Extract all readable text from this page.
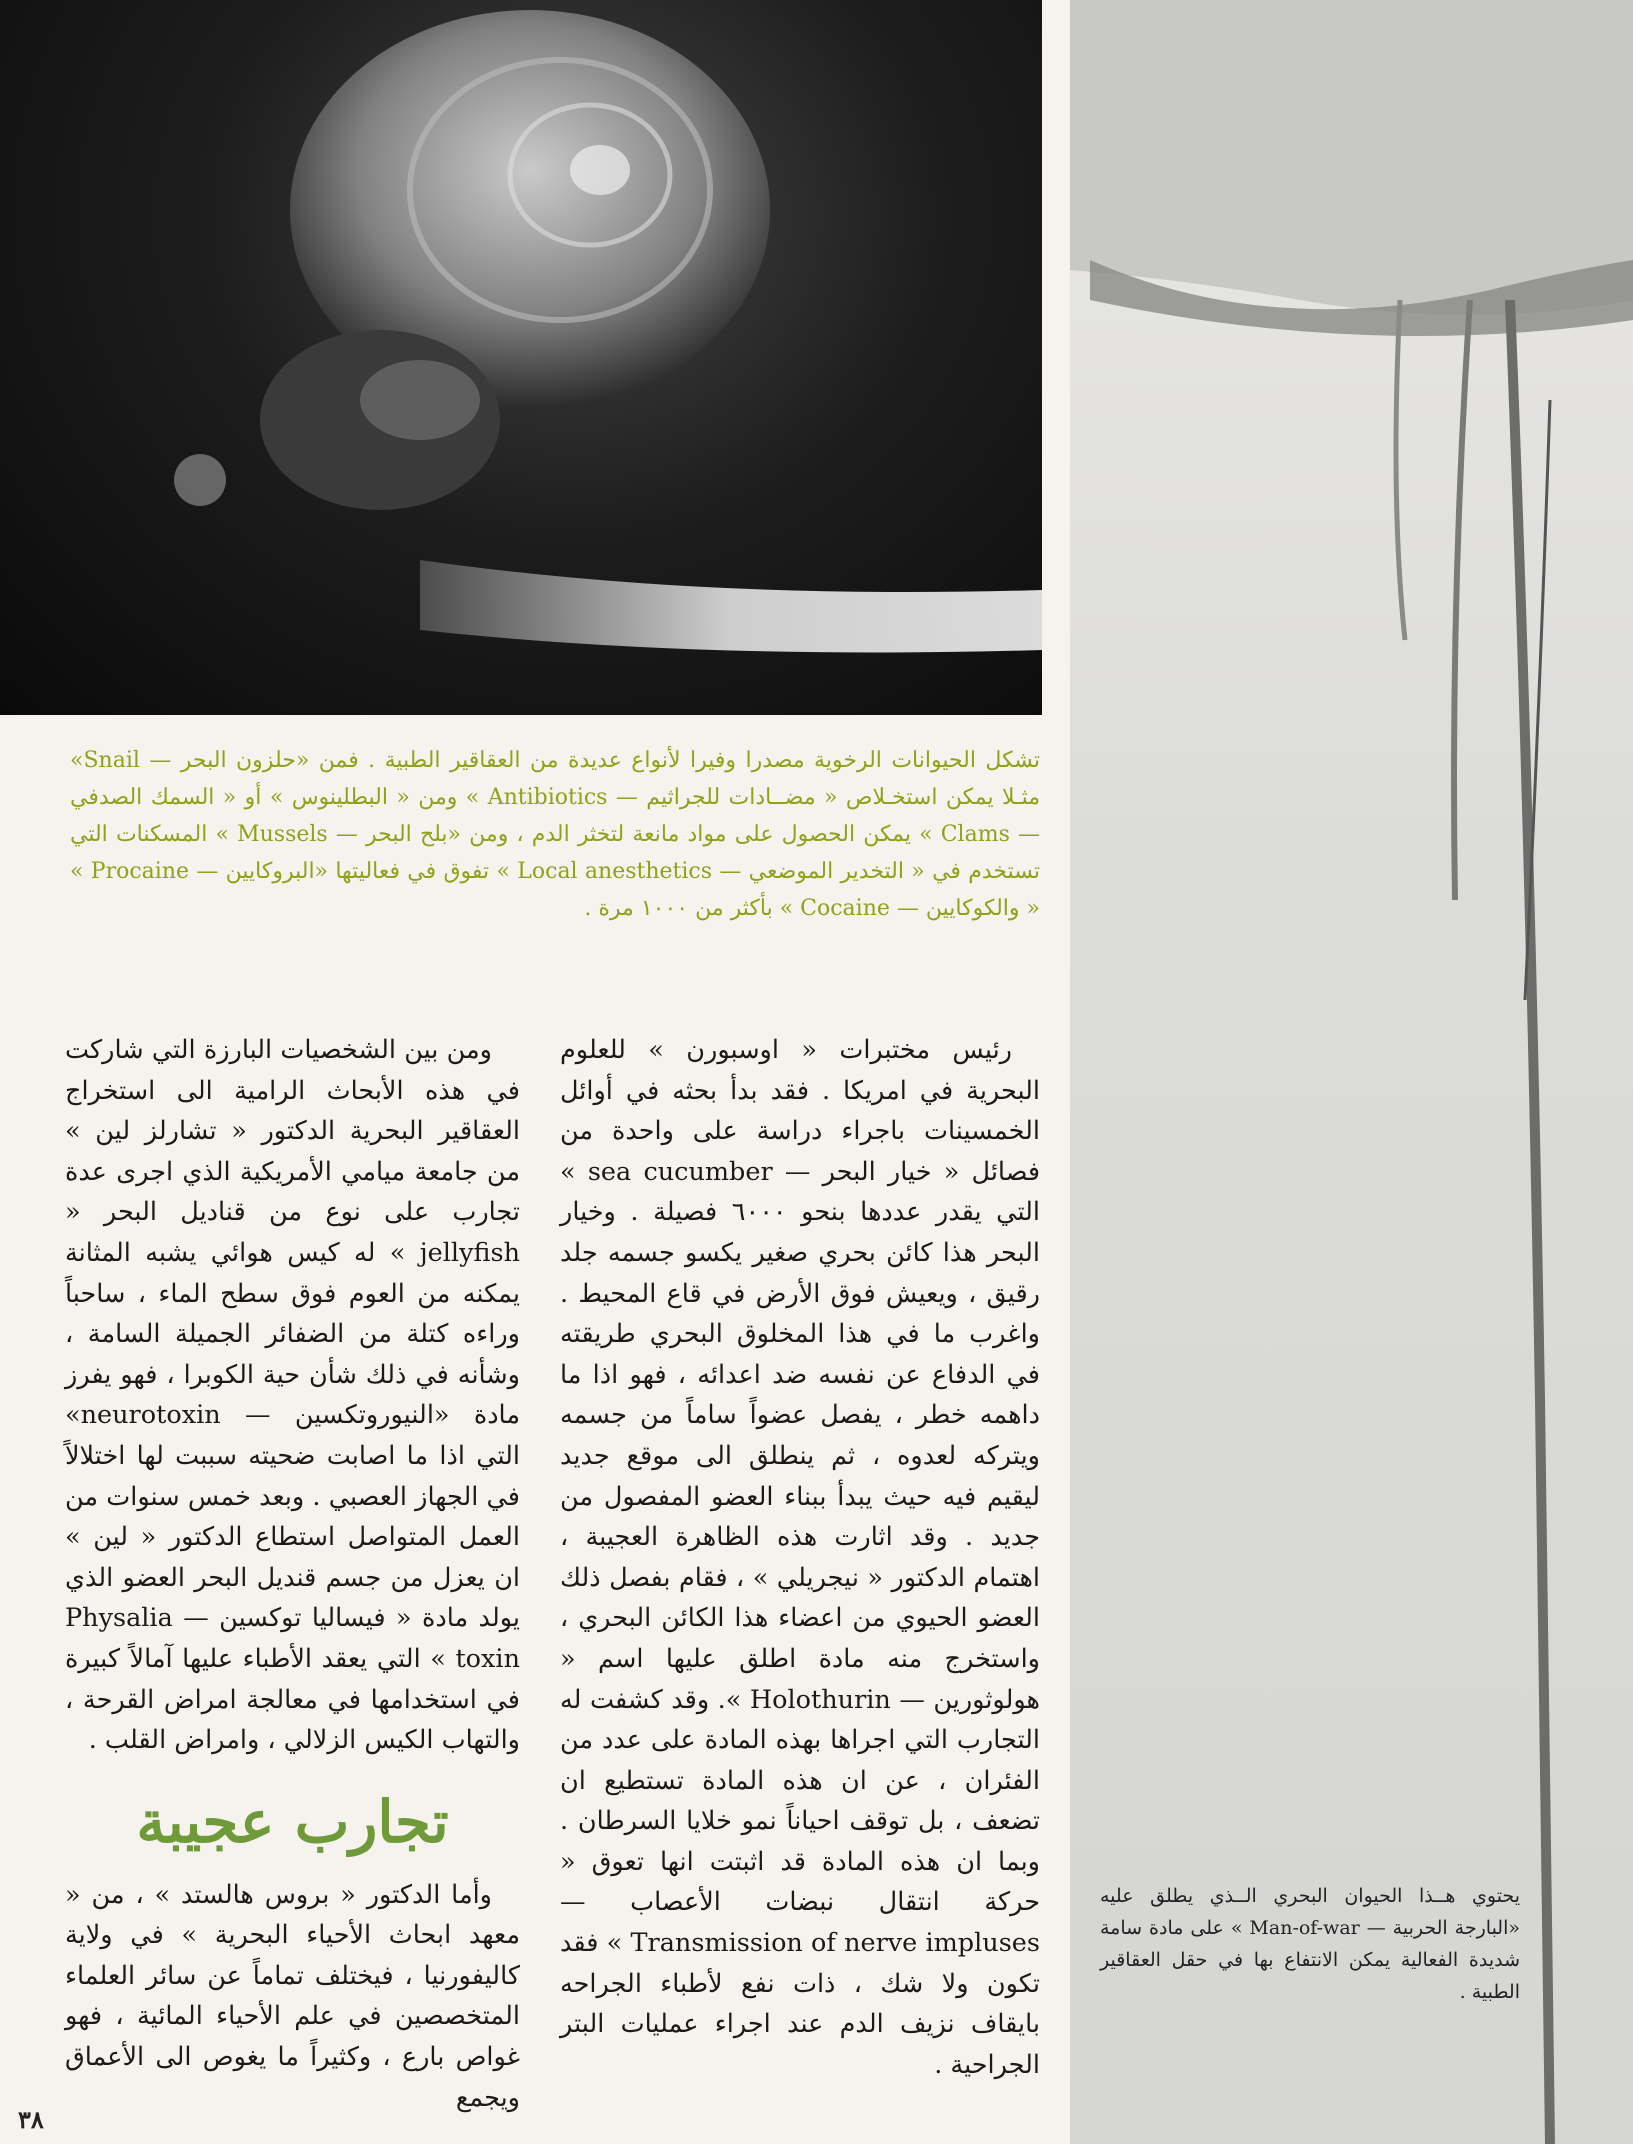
تشكل الحيوانات الرخوية مصدرا وفيرا لأنواع عديدة من العقاقير الطبية . فمن «حلزون البحر — Snail» مثـلا يمكن استخـلاص « مضــادات للجراثيم — Antibiotics » ومن « البطلينوس » أو « السمك الصدفي — Clams » يمكن الحصول على مواد مانعة لتخثر الدم ، ومن «بلح البحر — Mussels » المسكنات التي تستخدم في « التخدير الموضعي — Local anesthetics » تفوق في فعاليتها «البروكايين — Procaine » « والكوكايين — Cocaine » بأكثر من ١٠٠٠ مرة .

رئيس مختبرات « اوسبورن » للعلوم البحرية في امريكا . فقد بدأ بحثه في أوائل الخمسينات باجراء دراسة على واحدة من فصائل « خيار البحر — sea cucumber » التي يقدر عددها بنحو ٦٠٠٠ فصيلة . وخيار البحر هذا كائن بحري صغير يكسو جسمه جلد رقيق ، ويعيش فوق الأرض في قاع المحيط . واغرب ما في هذا المخلوق البحري طريقته في الدفاع عن نفسه ضد اعدائه ، فهو اذا ما داهمه خطر ، يفصل عضواً ساماً من جسمه ويتركه لعدوه ، ثم ينطلق الى موقع جديد ليقيم فيه حيث يبدأ ببناء العضو المفصول من جديد . وقد اثارت هذه الظاهرة العجيبة ، اهتمام الدكتور « نيجريلي » ، فقام بفصل ذلك العضو الحيوي من اعضاء هذا الكائن البحري ، واستخرج منه مادة اطلق عليها اسم « هولوثورين — Holothurin ». وقد كشفت له التجارب التي اجراها بهذه المادة على عدد من الفئران ، عن ان هذه المادة تستطيع ان تضعف ، بل توقف احياناً نمو خلايا السرطان . وبما ان هذه المادة قد اثبتت انها تعوق « حركة انتقال نبضات الأعصاب — Transmission of nerve impluses » فقد تكون ولا شك ، ذات نفع لأطباء الجراحه بايقاف نزيف الدم عند اجراء عمليات البتر الجراحية .

ومن بين الشخصيات البارزة التي شاركت في هذه الأبحاث الرامية الى استخراج العقاقير البحرية الدكتور « تشارلز لين » من جامعة ميامي الأمريكية الذي اجرى عدة تجارب على نوع من قناديل البحر « jellyfish » له كيس هوائي يشبه المثانة يمكنه من العوم فوق سطح الماء ، ساحباً وراءه كتلة من الضفائر الجميلة السامة ، وشأنه في ذلك شأن حية الكوبرا ، فهو يفرز مادة «النيوروتكسين — neurotoxin» التي اذا ما اصابت ضحيته سببت لها اختلالاً في الجهاز العصبي . وبعد خمس سنوات من العمل المتواصل استطاع الدكتور « لين » ان يعزل من جسم قنديل البحر العضو الذي يولد مادة « فيساليا توكسين — Physalia toxin » التي يعقد الأطباء عليها آمالاً كبيرة في استخدامها في معالجة امراض القرحة ، والتهاب الكيس الزلالي ، وامراض القلب .

تجارب عجيبة

وأما الدكتور « بروس هالستد » ، من « معهد ابحاث الأحياء البحرية » في ولاية كاليفورنيا ، فيختلف تماماً عن سائر العلماء المتخصصين في علم الأحياء المائية ، فهو غواص بارع ، وكثيراً ما يغوص الى الأعماق ويجمع

يحتوي هــذا الحيوان البحري الــذي يطلق عليه «البارجة الحربية — Man-of-war » على مادة سامة شديدة الفعالية يمكن الانتفاع بها في حقل العقاقير الطبية .
٣٨
